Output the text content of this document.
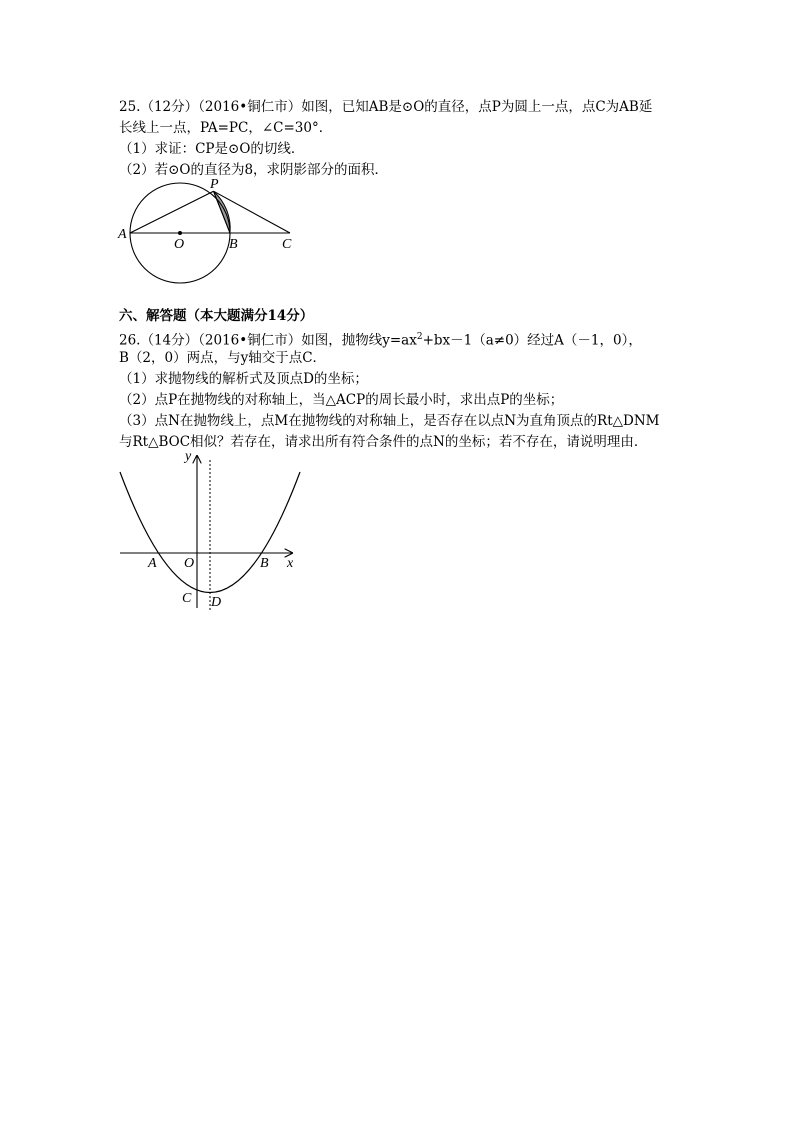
25.（12分）（2016•铜仁市）如图，已知AB是⊙O的直径，点P为圆上一点，点C为AB延
长线上一点，PA=PC，∠C=30°．
（1）求证：CP是⊙O的切线．
（2）若⊙O的直径为8，求阴影部分的面积．
A
O	B	C
P
六、解答题（本大题满分14分）
26.（14分）（2016•铜仁市）如图，抛物线$y=ax^2+bx-1(a\ne 0)$经过A（－1，0），
B（2，0）两点，与y轴交于点C．
（1）求抛物线的解析式及顶点D的坐标；
（2）点P在抛物线的对称轴上，当△ACP的周长最小时，求出点P的坐标；
（3）点N在抛物线上，点M在抛物线的对称轴上，是否存在以点N为直角顶点的Rt△DNM
与Rt△BOC相似？若存在，请求出所有符合条件的点N的坐标；若不存在，请说明理由．
y
x
A O	B
C D
